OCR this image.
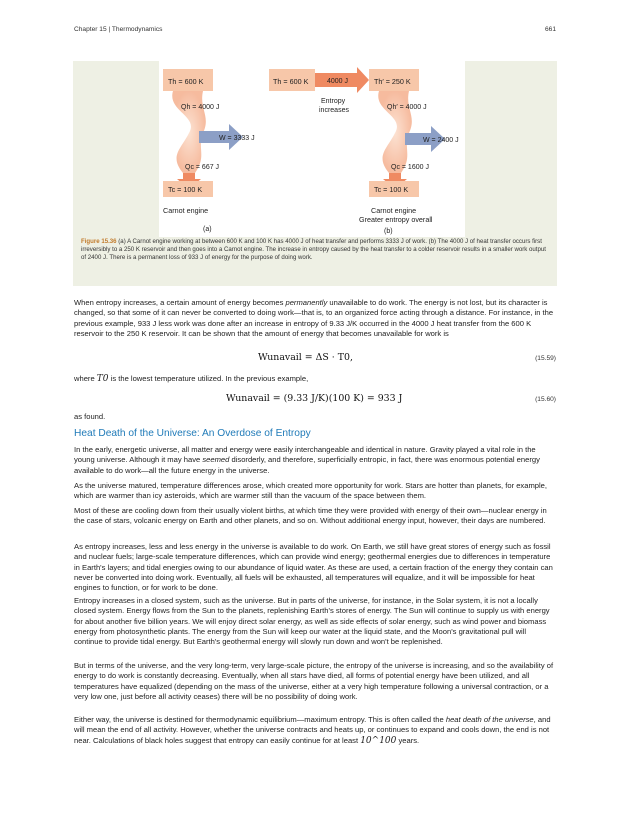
Chapter 15 | Thermodynamics	661
Th = 600 K
Qh = 4000 J
W = 3333 J
Qc = 667 J
Tc = 100 K
Carnot engine
(a)
Th = 600 K	4000 J
Entropy
increases
Th′ = 250 K
Qh′ = 4000 J
W = 2400 J
Qc = 1600 J
Tc = 100 K
Carnot engine
Greater entropy overall
(b)
Figure 15.36 (a) A Carnot engine working at between 600 K and 100 K has 4000 J of heat transfer and performs 3333 J of work. (b) The 4000 J of heat transfer occurs first irreversibly to a 250 K reservoir and then goes into a Carnot engine. The increase in entropy caused by the heat transfer to a colder reservoir results in a smaller work output of 2400 J. There is a permanent loss of 933 J of energy for the purpose of doing work.

When entropy increases, a certain amount of energy becomes permanently unavailable to do work. The energy is not lost, but its character is changed, so that some of it can never be converted to doing work—that is, to an organized force acting through a distance. For instance, in the previous example, 933 J less work was done after an increase in entropy of 9.33 J/K occurred in the 4000 J heat transfer from the 600 K reservoir to the 250 K reservoir. It can be shown that the amount of energy that becomes unavailable for work is

Wunavail = ΔS · T0,	(15.59)

where T0 is the lowest temperature utilized. In the previous example,

Wunavail = (9.33 J/K)(100 K) = 933 J	(15.60)

as found.

Heat Death of the Universe: An Overdose of Entropy

In the early, energetic universe, all matter and energy were easily interchangeable and identical in nature. Gravity played a vital role in the young universe. Although it may have seemed disorderly, and therefore, superficially entropic, in fact, there was enormous potential energy available to do work—all the future energy in the universe.

As the universe matured, temperature differences arose, which created more opportunity for work. Stars are hotter than planets, for example, which are warmer than icy asteroids, which are warmer still than the vacuum of the space between them.

Most of these are cooling down from their usually violent births, at which time they were provided with energy of their own—nuclear energy in the case of stars, volcanic energy on Earth and other planets, and so on. Without additional energy input, however, their days are numbered.

As entropy increases, less and less energy in the universe is available to do work. On Earth, we still have great stores of energy such as fossil and nuclear fuels; large-scale temperature differences, which can provide wind energy; geothermal energies due to differences in temperature in Earth's layers; and tidal energies owing to our abundance of liquid water. As these are used, a certain fraction of the energy they contain can never be converted into doing work. Eventually, all fuels will be exhausted, all temperatures will equalize, and it will be impossible for heat engines to function, or for work to be done.

Entropy increases in a closed system, such as the universe. But in parts of the universe, for instance, in the Solar system, it is not a locally closed system. Energy flows from the Sun to the planets, replenishing Earth's stores of energy. The Sun will continue to supply us with energy for about another five billion years. We will enjoy direct solar energy, as well as side effects of solar energy, such as wind power and biomass energy from photosynthetic plants. The energy from the Sun will keep our water at the liquid state, and the Moon's gravitational pull will continue to provide tidal energy. But Earth's geothermal energy will slowly run down and won't be replenished.

But in terms of the universe, and the very long-term, very large-scale picture, the entropy of the universe is increasing, and so the availability of energy to do work is constantly decreasing. Eventually, when all stars have died, all forms of potential energy have been utilized, and all temperatures have equalized (depending on the mass of the universe, either at a very high temperature following a universal contraction, or a very low one, just before all activity ceases) there will be no possibility of doing work.

Either way, the universe is destined for thermodynamic equilibrium—maximum entropy. This is often called the heat death of the universe, and will mean the end of all activity. However, whether the universe contracts and heats up, or continues to expand and cools down, the end is not near. Calculations of black holes suggest that entropy can easily continue for at least 10^100 years.
